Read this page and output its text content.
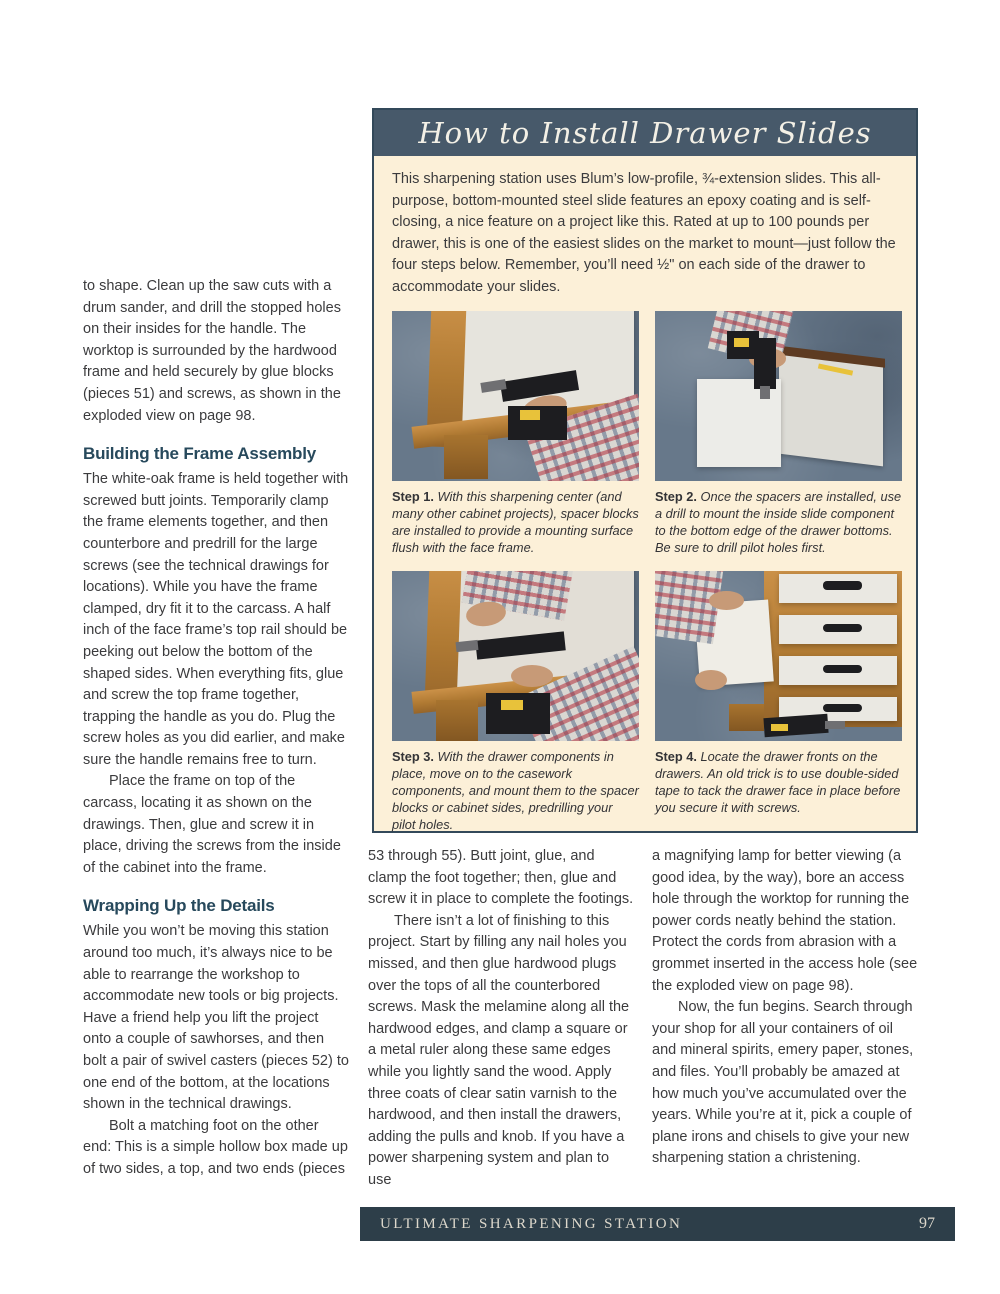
to shape. Clean up the saw cuts with a drum sander, and drill the stopped holes on their insides for the handle. The worktop is surrounded by the hardwood frame and held securely by glue blocks (pieces 51) and screws, as shown in the exploded view on page 98.

Building the Frame Assembly

The white-oak frame is held together with screwed butt joints. Temporarily clamp the frame elements together, and then counterbore and predrill for the large screws (see the technical drawings for locations). While you have the frame clamped, dry fit it to the carcass. A half inch of the face frame’s top rail should be peeking out below the bottom of the shaped sides. When everything fits, glue and screw the top frame together, trapping the handle as you do. Plug the screw holes as you did earlier, and make sure the handle remains free to turn.

Place the frame on top of the carcass, locating it as shown on the drawings. Then, glue and screw it in place, driving the screws from the inside of the cabinet into the frame.

Wrapping Up the Details

While you won’t be moving this station around too much, it’s always nice to be able to rearrange the workshop to accommodate new tools or big projects. Have a friend help you lift the project onto a couple of sawhorses, and then bolt a pair of swivel casters (pieces 52) to one end of the bottom, at the locations shown in the technical drawings.

Bolt a matching foot on the other end: This is a simple hollow box made up of two sides, a top, and two ends (pieces

How to Install Drawer Slides

This sharpening station uses Blum’s low-profile, ¾-extension slides. This all-purpose, bottom-mounted steel slide features an epoxy coating and is self-closing, a nice feature on a project like this. Rated at up to 100 pounds per drawer, this is one of the easiest slides on the market to mount—just follow the four steps below. Remember, you’ll need ½" on each side of the drawer to accommodate your slides.

Step 1. With this sharpening center (and many other cabinet projects), spacer blocks are installed to provide a mounting surface flush with the face frame.

Step 2. Once the spacers are installed, use a drill to mount the inside slide component to the bottom edge of the drawer bottoms. Be sure to drill pilot holes first.

Step 3. With the drawer components in place, move on to the casework components, and mount them to the spacer blocks or cabinet sides, predrilling your pilot holes.

Step 4. Locate the drawer fronts on the drawers. An old trick is to use double-sided tape to tack the drawer face in place before you secure it with screws.

53 through 55). Butt joint, glue, and clamp the foot together; then, glue and screw it in place to complete the footings.

There isn’t a lot of finishing to this project. Start by filling any nail holes you missed, and then glue hardwood plugs over the tops of all the counterbored screws. Mask the melamine along all the hardwood edges, and clamp a square or a metal ruler along these same edges while you lightly sand the wood. Apply three coats of clear satin varnish to the hardwood, and then install the drawers, adding the pulls and knob. If you have a power sharpening system and plan to use

a magnifying lamp for better viewing (a good idea, by the way), bore an access hole through the worktop for running the power cords neatly behind the station. Protect the cords from abrasion with a grommet inserted in the access hole (see the exploded view on page 98).

Now, the fun begins. Search through your shop for all your containers of oil and mineral spirits, emery paper, stones, and files. You’ll probably be amazed at how much you’ve accumulated over the years. While you’re at it, pick a couple of plane irons and chisels to give your new sharpening station a christening.

ULTIMATE SHARPENING STATION	97
